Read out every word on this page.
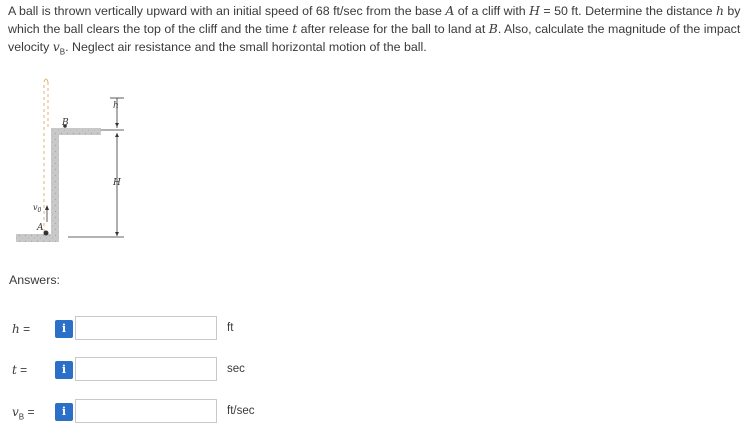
A ball is thrown vertically upward with an initial speed of 68 ft/sec from the base A of a cliff with H = 50 ft. Determine the distance h by
which the ball clears the top of the cliff and the time t after release for the ball to land at B. Also, calculate the magnitude of the impact
velocity $v_B$. Neglect air resistance and the small horizontal motion of the ball.
h
B
H
$v_0$
A
Answers:
h =	i	ft
t =	i	sec
$v_B$ =	i	ft/sec
